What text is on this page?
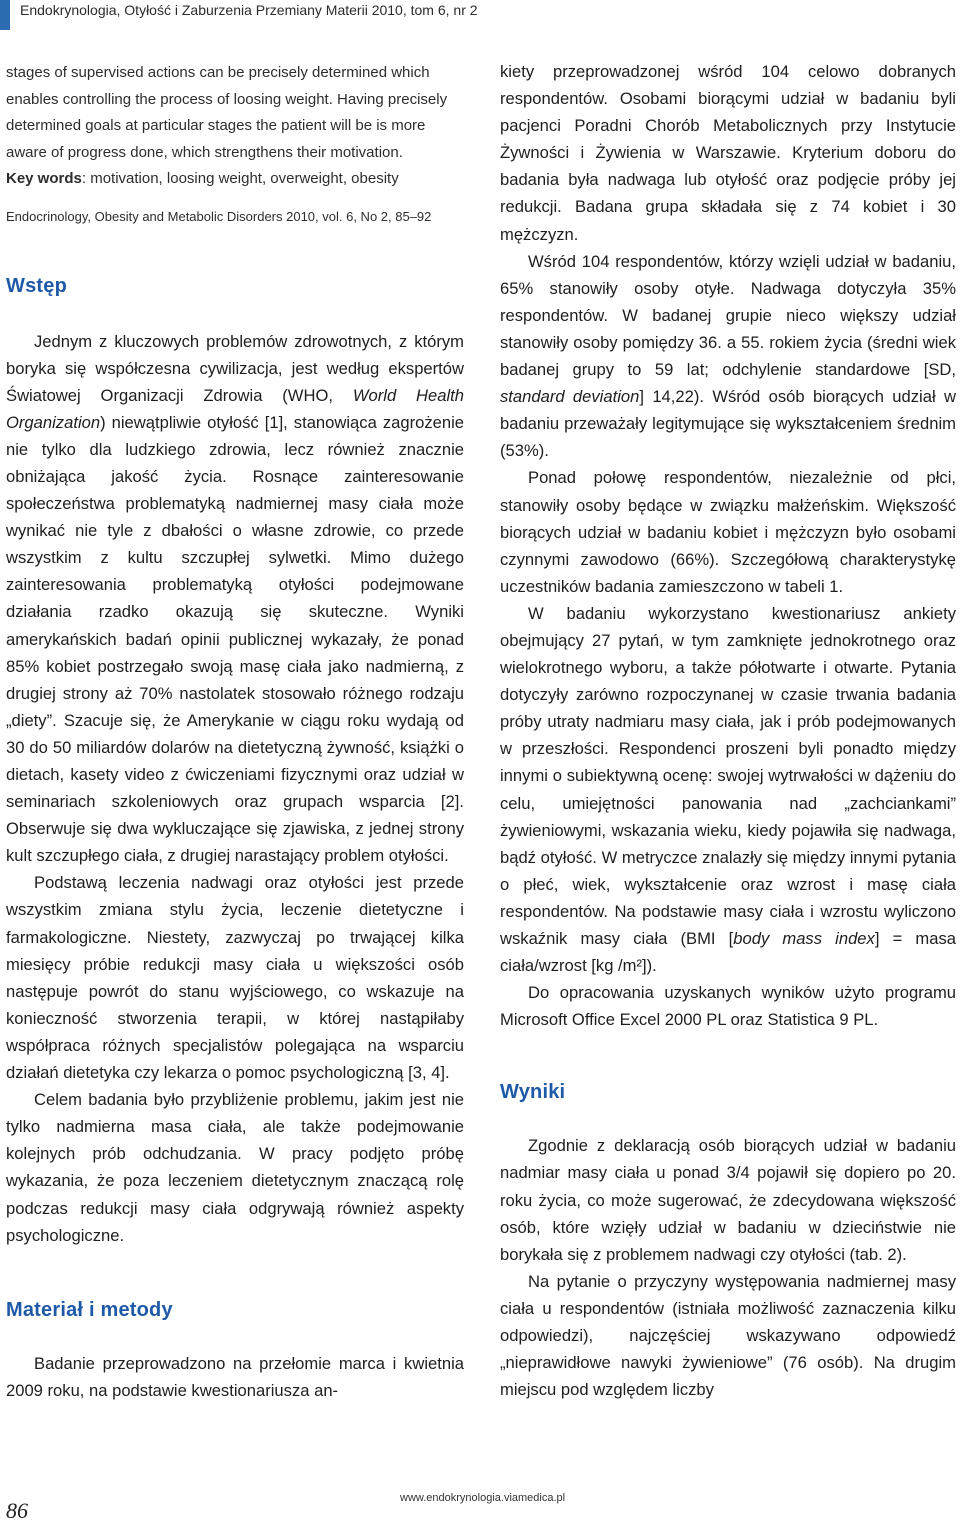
Endokrynologia, Otyłość i Zaburzenia Przemiany Materii 2010, tom 6, nr 2

stages of supervised actions can be precisely determined which enables controlling the process of loosing weight. Having precisely determined goals at particular stages the patient will be is more aware of progress done, which strengthens their motivation.

Key words: motivation, loosing weight, overweight, obesity

Endocrinology, Obesity and Metabolic Disorders 2010, vol. 6, No 2, 85–92

Wstęp

Jednym z kluczowych problemów zdrowotnych, z którym boryka się współczesna cywilizacja, jest według ekspertów Światowej Organizacji Zdrowia (WHO, World Health Organization) niewątpliwie otyłość [1], stanowiąca zagrożenie nie tylko dla ludzkiego zdrowia, lecz również znacznie obniżająca jakość życia. Rosnące zainteresowanie społeczeństwa problematyką nadmiernej masy ciała może wynikać nie tyle z dbałości o własne zdrowie, co przede wszystkim z kultu szczupłej sylwetki. Mimo dużego zainteresowania problematyką otyłości podejmowane działania rzadko okazują się skuteczne. Wyniki amerykańskich badań opinii publicznej wykazały, że ponad 85% kobiet postrzegało swoją masę ciała jako nadmierną, z drugiej strony aż 70% nastolatek stosowało różnego rodzaju „diety”. Szacuje się, że Amerykanie w ciągu roku wydają od 30 do 50 miliardów dolarów na dietetyczną żywność, książki o dietach, kasety video z ćwiczeniami fizycznymi oraz udział w seminariach szkoleniowych oraz grupach wsparcia [2]. Obserwuje się dwa wykluczające się zjawiska, z jednej strony kult szczupłego ciała, z drugiej narastający problem otyłości.

Podstawą leczenia nadwagi oraz otyłości jest przede wszystkim zmiana stylu życia, leczenie dietetyczne i farmakologiczne. Niestety, zazwyczaj po trwającej kilka miesięcy próbie redukcji masy ciała u większości osób następuje powrót do stanu wyjściowego, co wskazuje na konieczność stworzenia terapii, w której nastąpiłaby współpraca różnych specjalistów polegająca na wsparciu działań dietetyka czy lekarza o pomoc psychologiczną [3, 4].

Celem badania było przybliżenie problemu, jakim jest nie tylko nadmierna masa ciała, ale także podejmowanie kolejnych prób odchudzania. W pracy podjęto próbę wykazania, że poza leczeniem dietetycznym znaczącą rolę podczas redukcji masy ciała odgrywają również aspekty psychologiczne.

Materiał i metody

Badanie przeprowadzono na przełomie marca i kwietnia 2009 roku, na podstawie kwestionariusza an-

kiety przeprowadzonej wśród 104 celowo dobranych respondentów. Osobami biorącymi udział w badaniu byli pacjenci Poradni Chorób Metabolicznych przy Instytucie Żywności i Żywienia w Warszawie. Kryterium doboru do badania była nadwaga lub otyłość oraz podjęcie próby jej redukcji. Badana grupa składała się z 74 kobiet i 30 mężczyzn.

Wśród 104 respondentów, którzy wzięli udział w badaniu, 65% stanowiły osoby otyłe. Nadwaga dotyczyła 35% respondentów. W badanej grupie nieco większy udział stanowiły osoby pomiędzy 36. a 55. rokiem życia (średni wiek badanej grupy to 59 lat; odchylenie standardowe [SD, standard deviation] 14,22). Wśród osób biorących udział w badaniu przeważały legitymujące się wykształceniem średnim (53%).

Ponad połowę respondentów, niezależnie od płci, stanowiły osoby będące w związku małżeńskim. Większość biorących udział w badaniu kobiet i mężczyzn było osobami czynnymi zawodowo (66%). Szczegółową charakterystykę uczestników badania zamieszczono w tabeli 1.

W badaniu wykorzystano kwestionariusz ankiety obejmujący 27 pytań, w tym zamknięte jednokrotnego oraz wielokrotnego wyboru, a także półotwarte i otwarte. Pytania dotyczyły zarówno rozpoczynanej w czasie trwania badania próby utraty nadmiaru masy ciała, jak i prób podejmowanych w przeszłości. Respondenci proszeni byli ponadto między innymi o subiektywną ocenę: swojej wytrwałości w dążeniu do celu, umiejętności panowania nad „zachciankami” żywieniowymi, wskazania wieku, kiedy pojawiła się nadwaga, bądź otyłość. W metryczce znalazły się między innymi pytania o płeć, wiek, wykształcenie oraz wzrost i masę ciała respondentów. Na podstawie masy ciała i wzrostu wyliczono wskaźnik masy ciała (BMI [body mass index] = masa ciała/wzrost [kg /m²]).

Do opracowania uzyskanych wyników użyto programu Microsoft Office Excel 2000 PL oraz Statistica 9 PL.

Wyniki

Zgodnie z deklaracją osób biorących udział w badaniu nadmiar masy ciała u ponad 3/4 pojawił się dopiero po 20. roku życia, co może sugerować, że zdecydowana większość osób, które wzięły udział w badaniu w dzieciństwie nie borykała się z problemem nadwagi czy otyłości (tab. 2).

Na pytanie o przyczyny występowania nadmiernej masy ciała u respondentów (istniała możliwość zaznaczenia kilku odpowiedzi), najczęściej wskazywano odpowiedź „nieprawidłowe nawyki żywieniowe” (76 osób). Na drugim miejscu pod względem liczby

86	www.endokrynologia.viamedica.pl
